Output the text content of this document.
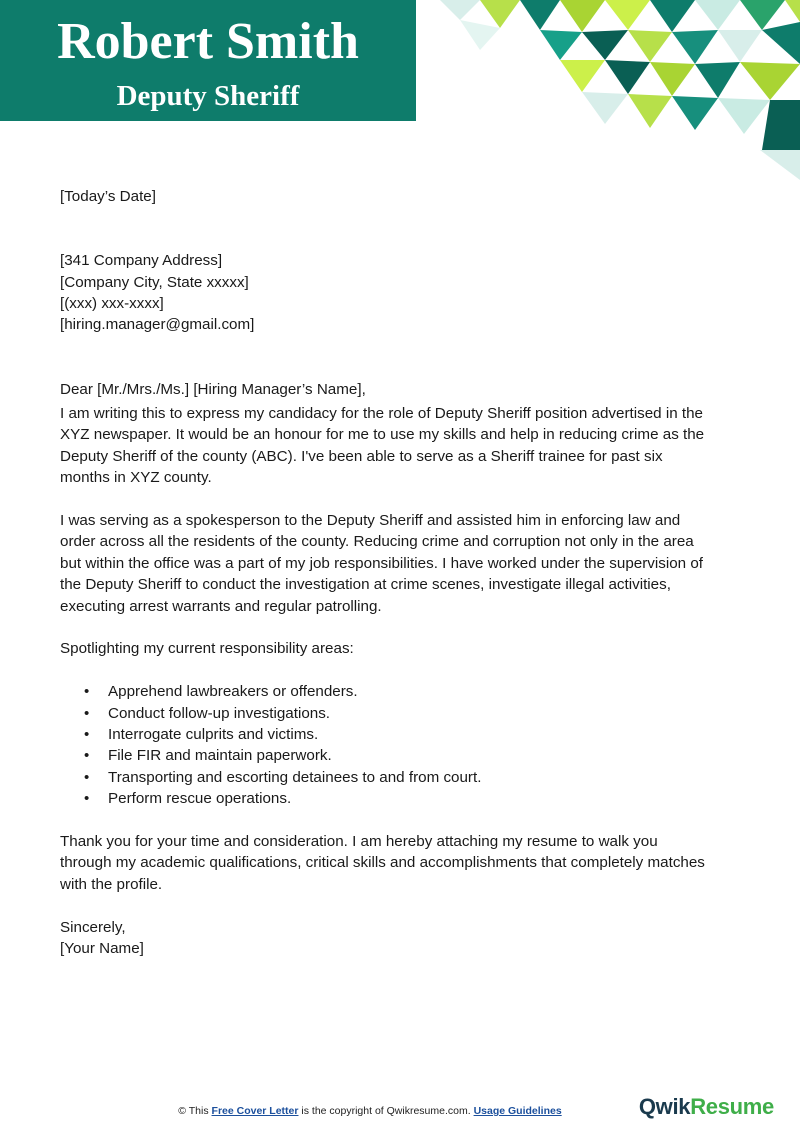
Robert Smith
Deputy Sheriff

[Today’s Date]

[341 Company Address]
[Company City, State xxxxx]
[(xxx) xxx-xxxx]
[hiring.manager@gmail.com]

Dear [Mr./Mrs./Ms.] [Hiring Manager’s Name],

I am writing this to express my candidacy for the role of Deputy Sheriff position advertised in the
XYZ newspaper. It would be an honour for me to use my skills and help in reducing crime as the
Deputy Sheriff of the county (ABC). I've been able to serve as a Sheriff trainee for past six
months in XYZ county.

I was serving as a spokesperson to the Deputy Sheriff and assisted him in enforcing law and
order across all the residents of the county. Reducing crime and corruption not only in the area
but within the office was a part of my job responsibilities. I have worked under the supervision of
the Deputy Sheriff to conduct the investigation at crime scenes, investigate illegal activities,
executing arrest warrants and regular patrolling.

Spotlighting my current responsibility areas:

• Apprehend lawbreakers or offenders.
• Conduct follow-up investigations.
• Interrogate culprits and victims.
• File FIR and maintain paperwork.
• Transporting and escorting detainees to and from court.
• Perform rescue operations.

Thank you for your time and consideration. I am hereby attaching my resume to walk you
through my academic qualifications, critical skills and accomplishments that completely matches
with the profile.

Sincerely,

[Your Name]

© This Free Cover Letter is the copyright of Qwikresume.com. Usage Guidelines	QwikResume
